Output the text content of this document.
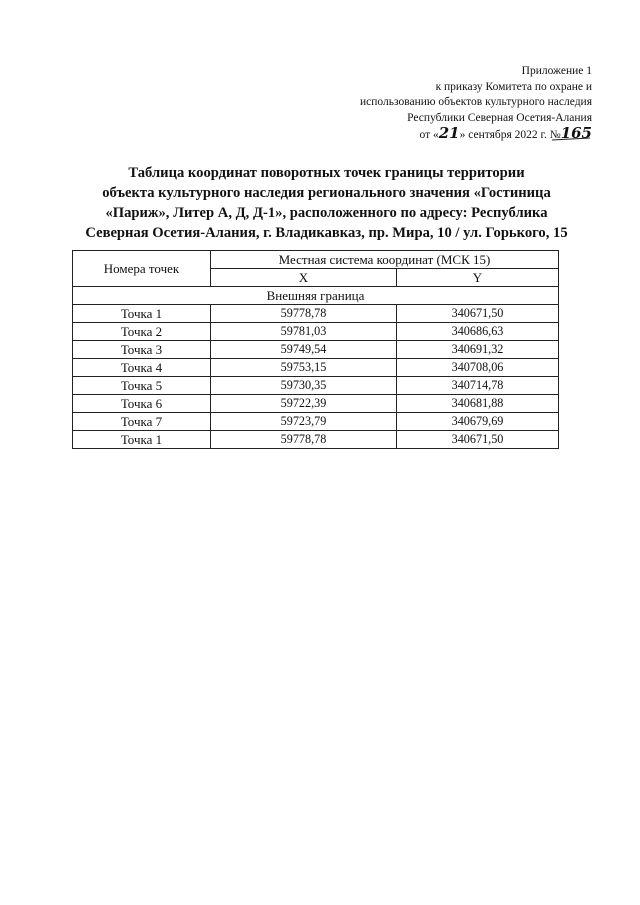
Приложение 1
к приказу Комитета по охране и
использованию объектов культурного наследия
Республики Северная Осетия-Алания
от «21» сентября 2022 г. №165
Таблица координат поворотных точек границы территории
объекта культурного наследия регионального значения «Гостиница
«Париж», Литер А, Д, Д-1», расположенного по адресу: Республика
Северная Осетия-Алания, г. Владикавказ, пр. Мира, 10 / ул. Горького, 15
Номера точек	Местная система координат (МСК 15)	
	X	Y
Внешняя граница		
Точка 1	59778,78	340671,50
Точка 2	59781,03	340686,63
Точка 3	59749,54	340691,32
Точка 4	59753,15	340708,06
Точка 5	59730,35	340714,78
Точка 6	59722,39	340681,88
Точка 7	59723,79	340679,69
Точка 1	59778,78	340671,50
